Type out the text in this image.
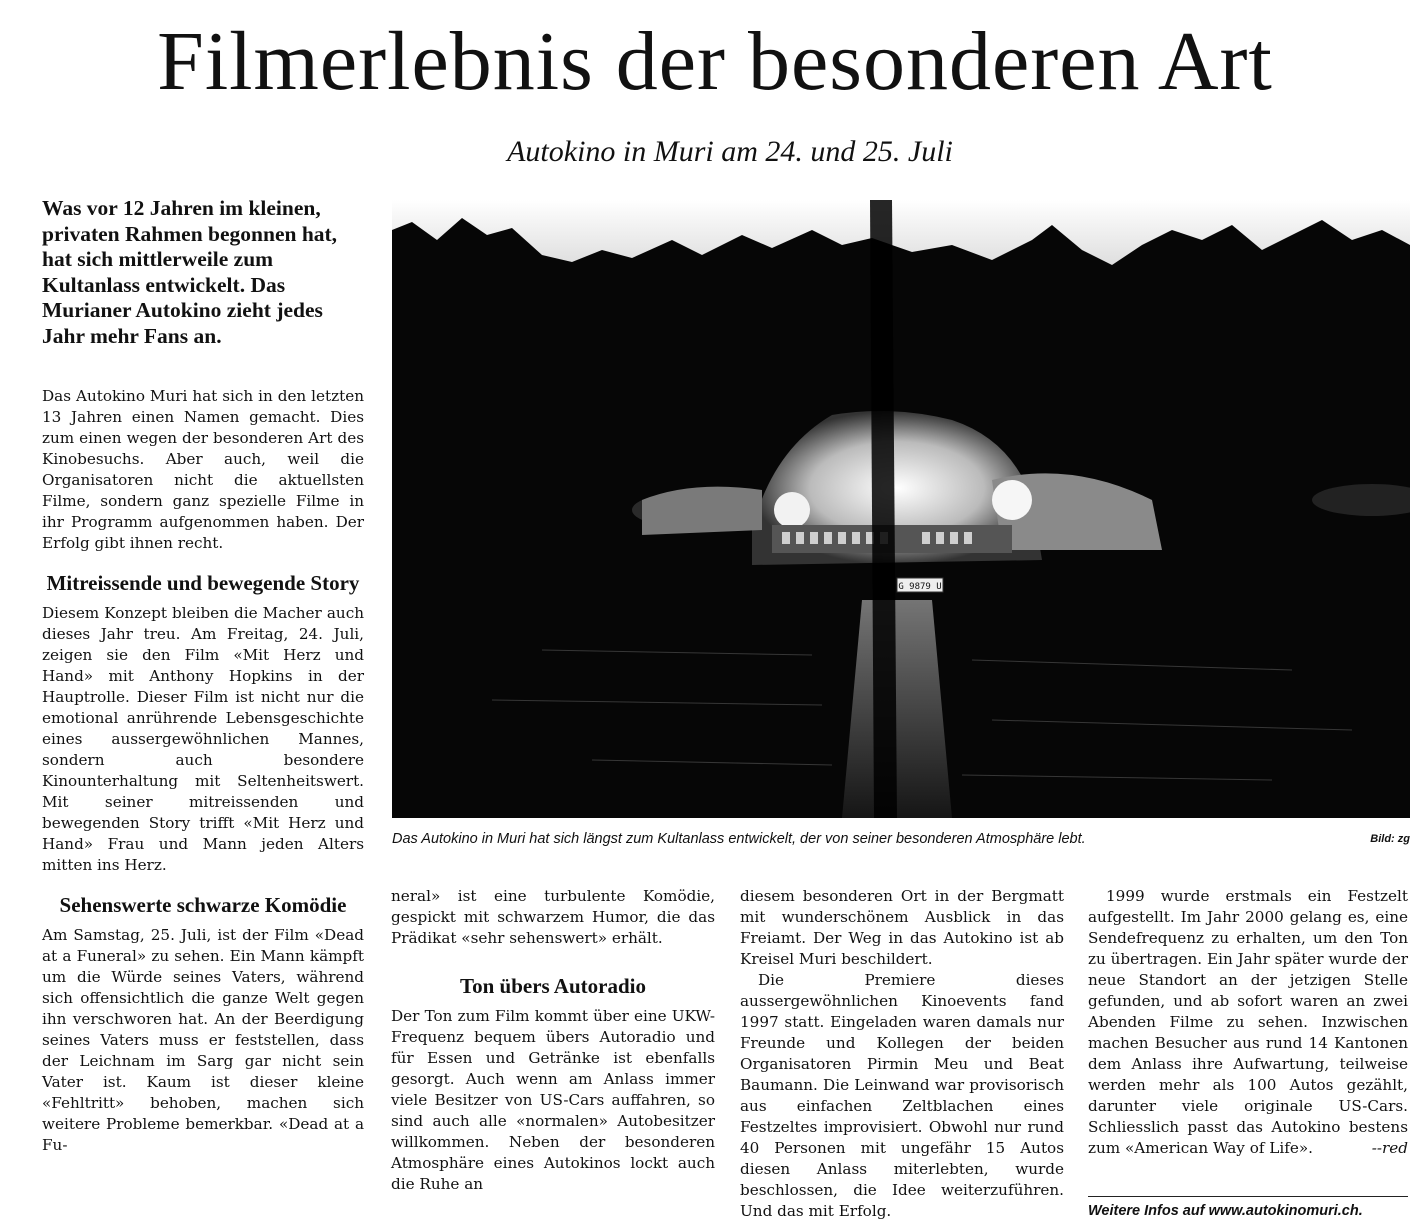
Filmerlebnis der besonderen Art
Autokino in Muri am 24. und 25. Juli
Was vor 12 Jahren im kleinen, privaten Rahmen begonnen hat, hat sich mittlerweile zum Kultanlass entwickelt. Das Murianer Autokino zieht jedes Jahr mehr Fans an.

Das Autokino Muri hat sich in den letzten 13 Jahren einen Namen gemacht. Dies zum einen wegen der besonderen Art des Kinobesuchs. Aber auch, weil die Organisatoren nicht die aktuellsten Filme, sondern ganz spezielle Filme in ihr Programm aufgenommen haben. Der Erfolg gibt ihnen recht.

Mitreissende und bewegende Story

Diesem Konzept bleiben die Macher auch dieses Jahr treu. Am Freitag, 24. Juli, zeigen sie den Film «Mit Herz und Hand» mit Anthony Hopkins in der Hauptrolle. Dieser Film ist nicht nur die emotional anrührende Lebensgeschichte eines aussergewöhnlichen Mannes, sondern auch besondere Kinounterhaltung mit Seltenheitswert. Mit seiner mitreissenden und bewegenden Story trifft «Mit Herz und Hand» Frau und Mann jeden Alters mitten ins Herz.

Sehenswerte schwarze Komödie

Am Samstag, 25. Juli, ist der Film «Dead at a Funeral» zu sehen. Ein Mann kämpft um die Würde seines Vaters, während sich offensichtlich die ganze Welt gegen ihn verschworen hat. An der Beerdigung seines Vaters muss er feststellen, dass der Leichnam im Sarg gar nicht sein Vater ist. Kaum ist dieser kleine «Fehltritt» behoben, machen sich weitere Probleme bemerkbar. «Dead at a Fu-

G 9879 U
Das Autokino in Muri hat sich längst zum Kultanlass entwickelt, der von seiner besonderen Atmosphäre lebt.	Bild: zg

neral» ist eine turbulente Komödie, gespickt mit schwarzem Humor, die das Prädikat «sehr sehenswert» erhält.

Ton übers Autoradio

Der Ton zum Film kommt über eine UKW-Frequenz bequem übers Autoradio und für Essen und Getränke ist ebenfalls gesorgt. Auch wenn am Anlass immer viele Besitzer von US-Cars auffahren, so sind auch alle «normalen» Autobesitzer willkommen. Neben der besonderen Atmosphäre eines Autokinos lockt auch die Ruhe an

diesem besonderen Ort in der Bergmatt mit wunderschönem Ausblick in das Freiamt. Der Weg in das Autokino ist ab Kreisel Muri beschildert.

Die Premiere dieses aussergewöhnlichen Kinoevents fand 1997 statt. Eingeladen waren damals nur Freunde und Kollegen der beiden Organisatoren Pirmin Meu und Beat Baumann. Die Leinwand war provisorisch aus einfachen Zeltblachen eines Festzeltes improvisiert. Obwohl nur rund 40 Personen mit ungefähr 15 Autos diesen Anlass miterlebten, wurde beschlossen, die Idee weiterzuführen. Und das mit Erfolg.

1999 wurde erstmals ein Festzelt aufgestellt. Im Jahr 2000 gelang es, eine Sendefrequenz zu erhalten, um den Ton zu übertragen. Ein Jahr später wurde der neue Standort an der jetzigen Stelle gefunden, und ab sofort waren an zwei Abenden Filme zu sehen. Inzwischen machen Besucher aus rund 14 Kantonen dem Anlass ihre Aufwartung, teilweise werden mehr als 100 Autos gezählt, darunter viele originale US-Cars. Schliesslich passt das Autokino bestens zum «American Way of Life».	--red

Weitere Infos auf www.autokinomuri.ch.
